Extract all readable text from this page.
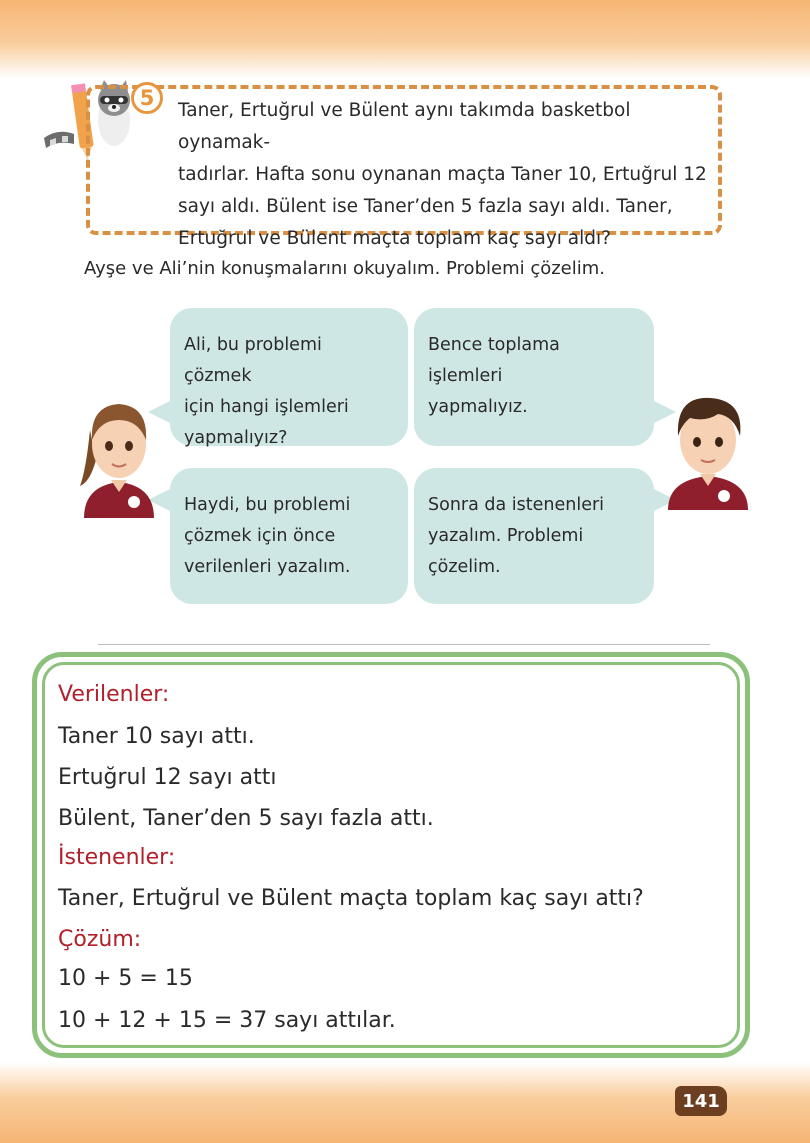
5
Taner, Ertuğrul ve Bülent aynı takımda basketbol oynamak-
tadırlar. Hafta sonu oynanan maçta Taner 10, Ertuğrul 12
sayı aldı. Bülent ise Taner’den 5 fazla sayı aldı. Taner,
Ertuğrul ve Bülent maçta toplam kaç sayı aldı?

Ayşe ve Ali’nin konuşmalarını okuyalım. Problemi çözelim.

Ali, bu problemi çözmek
için hangi işlemleri
yapmalıyız?
Bence toplama işlemleri
yapmalıyız.
Haydi, bu problemi
çözmek için önce
verilenleri yazalım.
Sonra da istenenleri
yazalım. Problemi
çözelim.

Verilenler:

Taner 10 sayı attı.

Ertuğrul 12 sayı attı

Bülent, Taner’den 5 sayı fazla attı.

İstenenler:

Taner, Ertuğrul ve Bülent maçta toplam kaç sayı attı?

Çözüm:

10 + 5 = 15

10 + 12 + 15 = 37 sayı attılar.

141
